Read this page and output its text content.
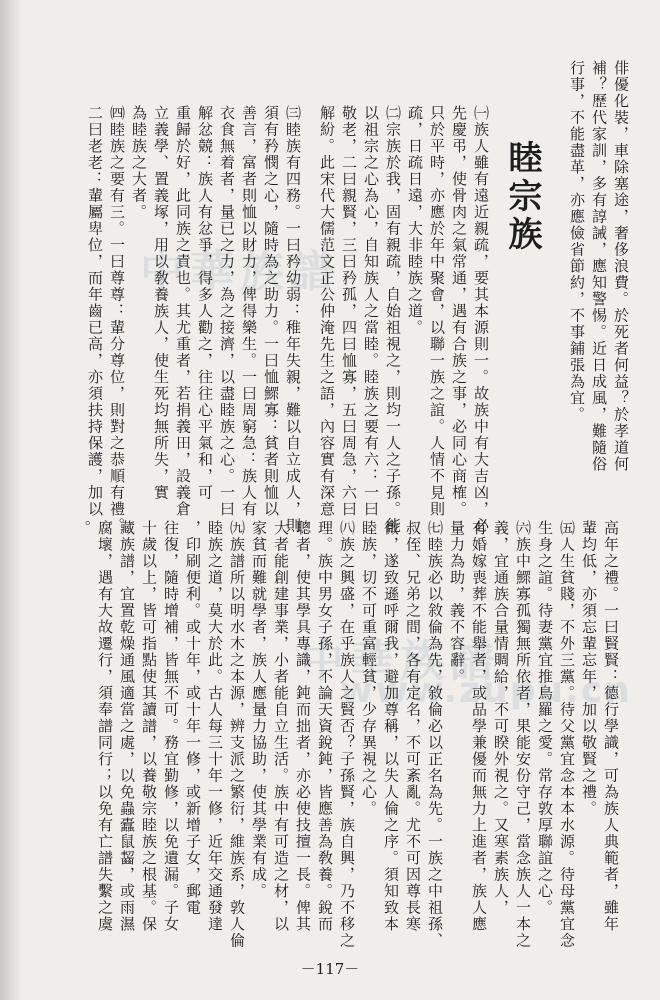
睦宗族
中華族譜
中華族譜
www.zupu.cn
俳優化裝，車除塞途，奢侈浪費。於死者何益？於孝道何
補？歷代家訓，多有諄誡，應知警惕。近日成風，難隨俗
行事，不能盡革，亦應儉省節約，不事鋪張為宜。
㈠族人雖有遠近親疏，要其本源則一。故族中有大吉凶，必
先慶弔，使骨肉之氣常通，遇有合族之事，必同心商榷。
只於平時，亦應於年中聚會，以聯一族之誼。人情不見則
疏，日疏日遠，大非睦族之道。
㈡宗族於我，固有親疏，自始祖視之，則均一人之子孫。能
以祖宗之心為心，自知族人之當睦。睦族之要有六：一曰
敬老，二曰親賢，三曰矜孤，四曰恤寡，五曰周急，六曰
解紛。此宋代大儒范文正公仲淹先生之語，內容實有深意
㈢睦族有四務。一曰矜幼弱：稚年失親，難以自立成人，則
須有矜憫之心，隨時為之助力。一曰恤鰥寡：貧者則恤以
善言，富者則恤以財力，俾得樂生。一曰周窮急：族人有
衣食無着者，量已之力，為之接濟，以盡睦族之心。一曰
解忿競：族人有忿爭，得多人勸之，往往心平氣和，可
重歸於好，此同族之責也。其尤重者，若捐義田，設義倉
立義學、置義塚，用以敎養族人，使生死均無所失，實
為睦族之大者。
㈣睦族之要有三。一曰尊尊：輩分尊位，則對之恭順有禮。
二曰老老：輩屬卑位，而年齒已高，亦須扶持保護，加以
高年之禮。一曰賢賢：德行學識，可為族人典範者，雖年
輩均低，亦須忘輩忘年，加以敬賢之禮。
㈤人生貧賤，不外三黨。待父黨宜念本本水源。待母黨宜念
生身之誼。待妻黨宜推鳥羅之愛。常存敦厚聯誼之心。
㈥族中鰥寡孤獨無所依者，果能安份守己，當念族人一本之
義，宜通族合量情賙給，不可睽外視之。又寒素族人，
有婚嫁喪葬不能舉者，或品學兼優而無力上進者，族人應
量力為助，義不容辭。
㈦睦族必以敘倫為先，敘倫必以正名為先。一族之中祖孫、
叔侄、兄弟之間，各有定名，不可紊亂。尤不可因尊長寒
微，遂致遜呼爾我，避加尊稱，以失人倫之序。須知致本
睦族，切不可重富輕貧，少存異視之心。
㈧族之興盛，在乎族人之賢否？子孫賢，族自興，乃不移之
理。族中男女子孫，不論天資銳鈍，皆應善為敎養。銳而
聰者，使其學具專識，鈍而拙者，亦必使技擅一長。俾其
大者能創建事業，小者能自立生活。族中有可造之材，以
家貧而難就學者，族人應量力協助，使其學業有成。
㈨族譜所以明水木之本源，辨支派之繁衍，維族系，敦人倫
睦族之道，莫大於此。古人每三十年一修，近年交通發達
，印刷便利。或十年，或十年一修，或新增子女，郵電
往復，隨時增補，皆無不可。務宜勤修，以免遺漏。子女
十歲以上，皆可指點使其讀譜，以養敬宗睦族之根基。保
藏族譜，宜置乾燥通風適當之處，以免蟲蠹鼠齧，或雨濕
腐壞，遇有大故遷行，須奉譜同行；以免有亡譜失繫之虞
。
－117－
